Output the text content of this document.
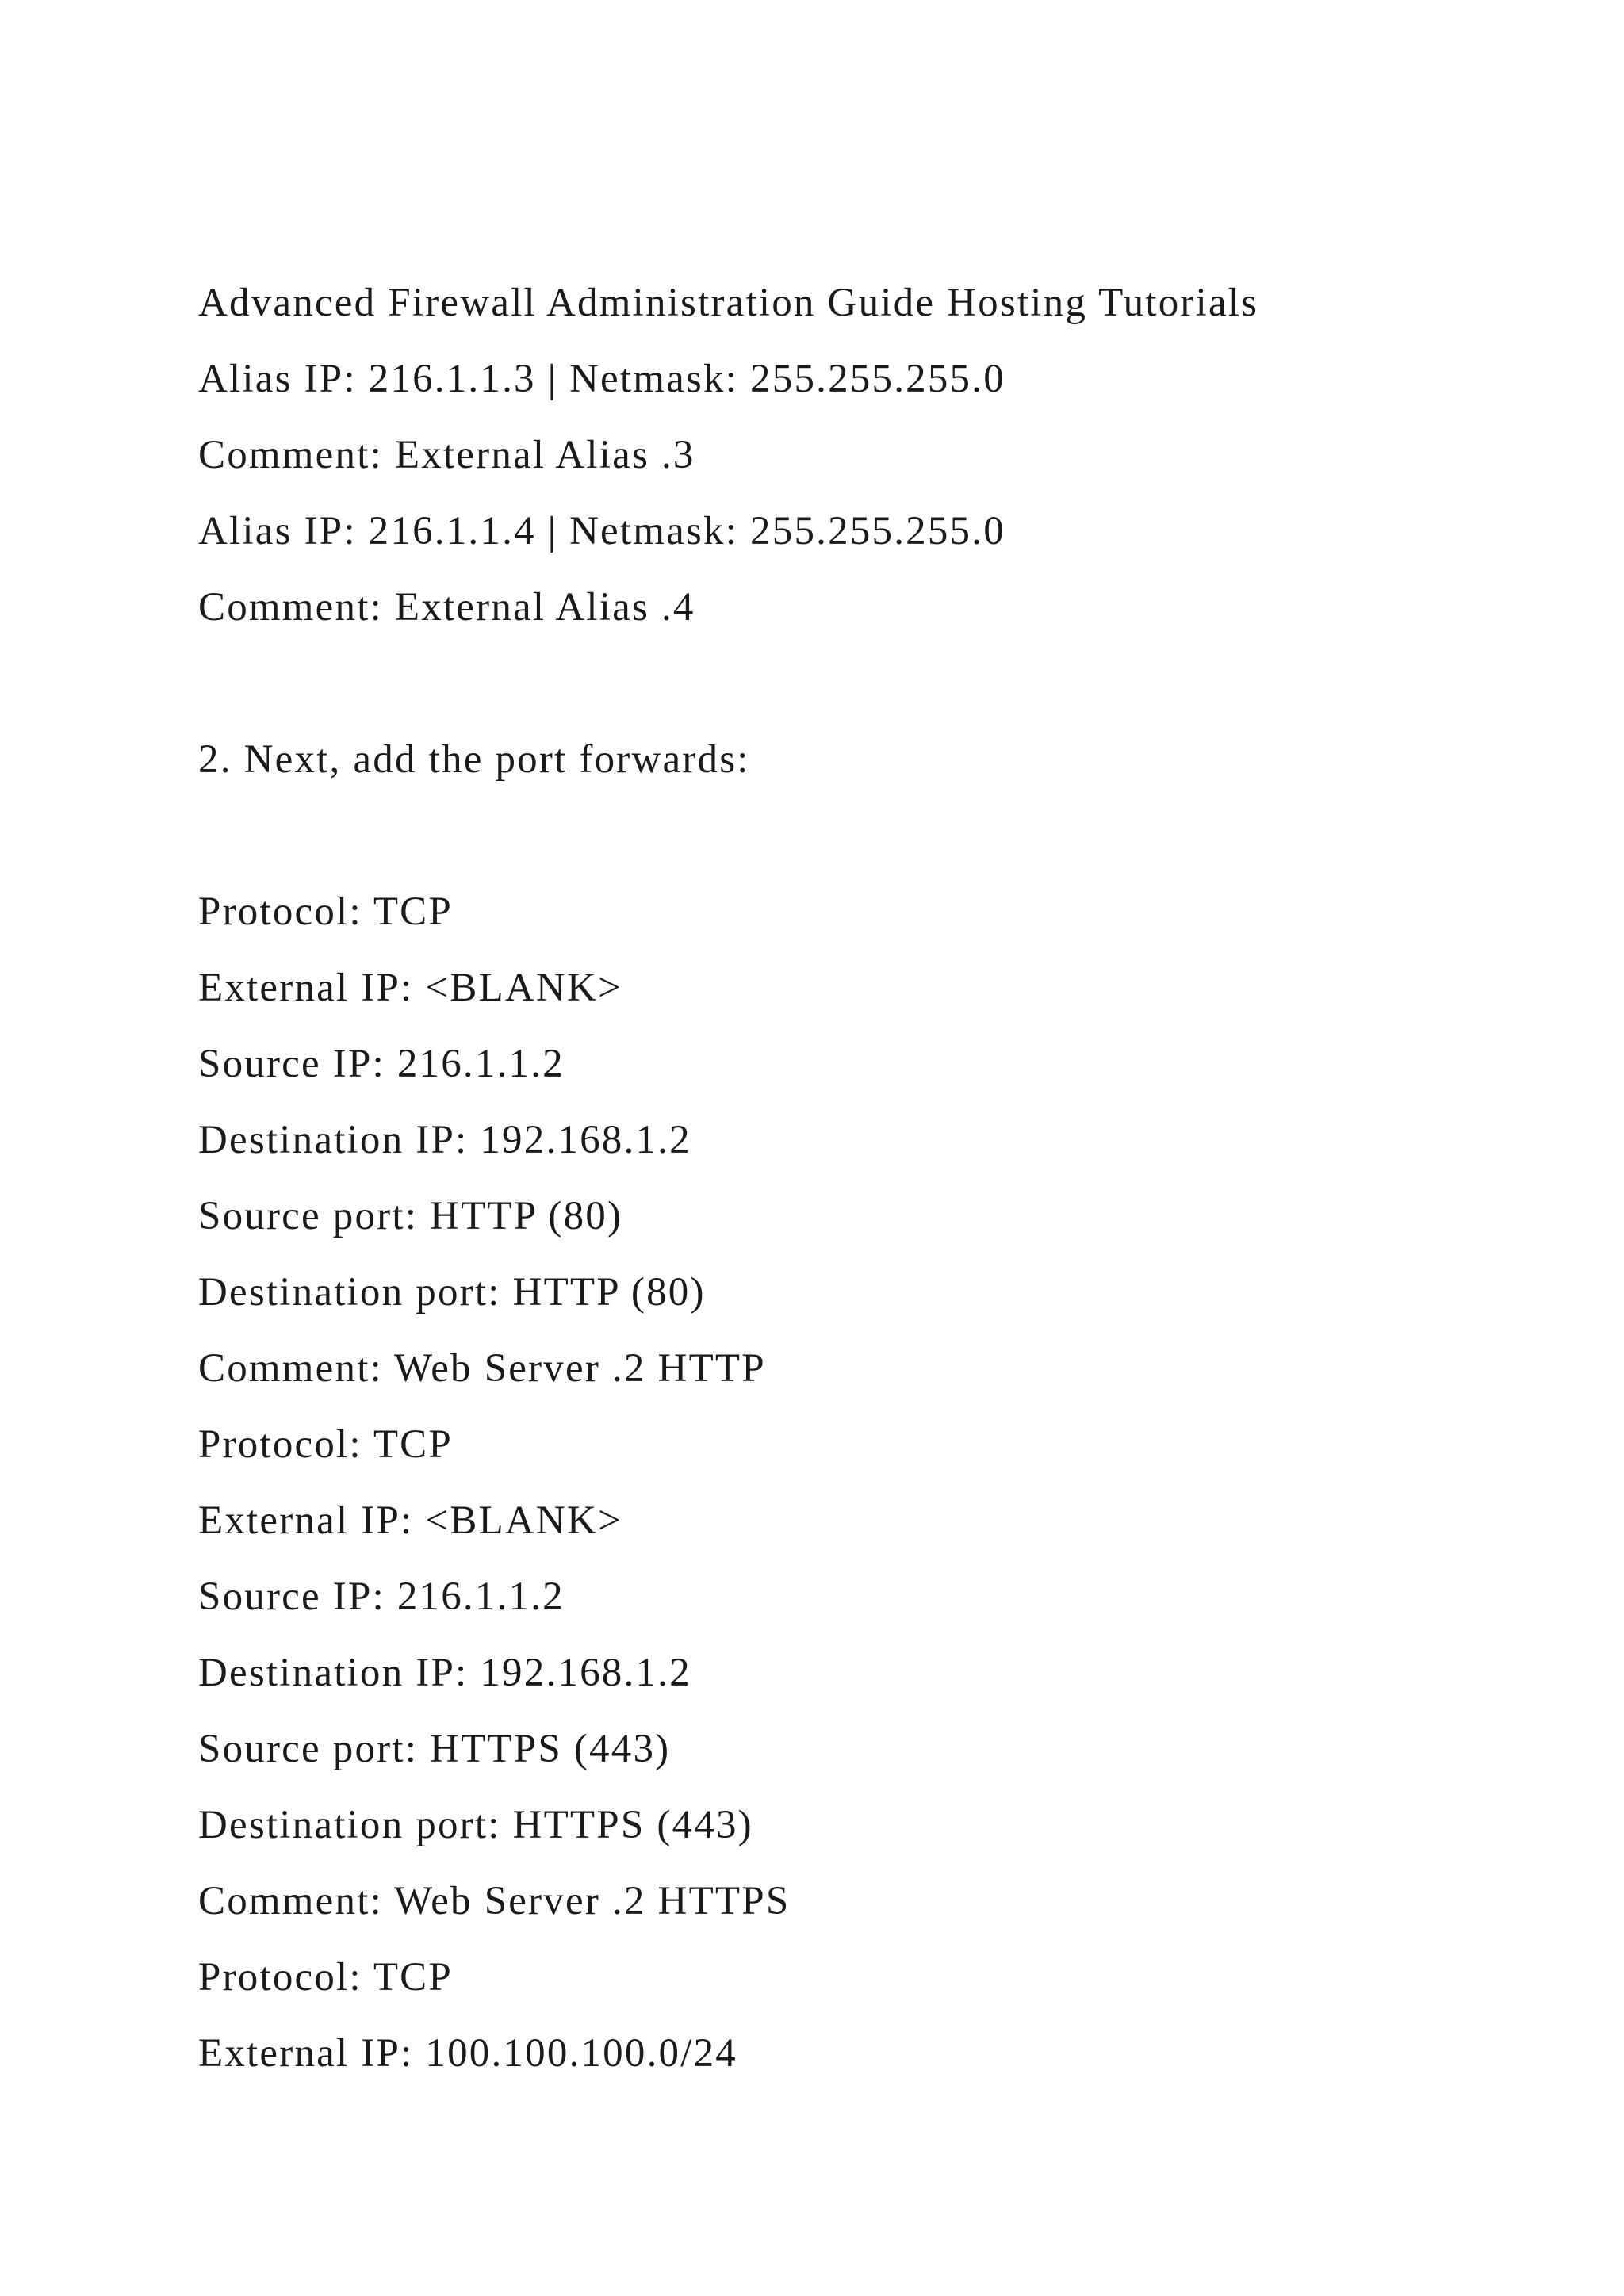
Advanced Firewall Administration Guide Hosting Tutorials
Alias IP: 216.1.1.3 | Netmask: 255.255.255.0
Comment: External Alias .3
Alias IP: 216.1.1.4 | Netmask: 255.255.255.0
Comment: External Alias .4
2. Next, add the port forwards:
Protocol: TCP
External IP: <BLANK>
Source IP: 216.1.1.2
Destination IP: 192.168.1.2
Source port: HTTP (80)
Destination port: HTTP (80)
Comment: Web Server .2 HTTP
Protocol: TCP
External IP: <BLANK>
Source IP: 216.1.1.2
Destination IP: 192.168.1.2
Source port: HTTPS (443)
Destination port: HTTPS (443)
Comment: Web Server .2 HTTPS
Protocol: TCP
External IP: 100.100.100.0/24
